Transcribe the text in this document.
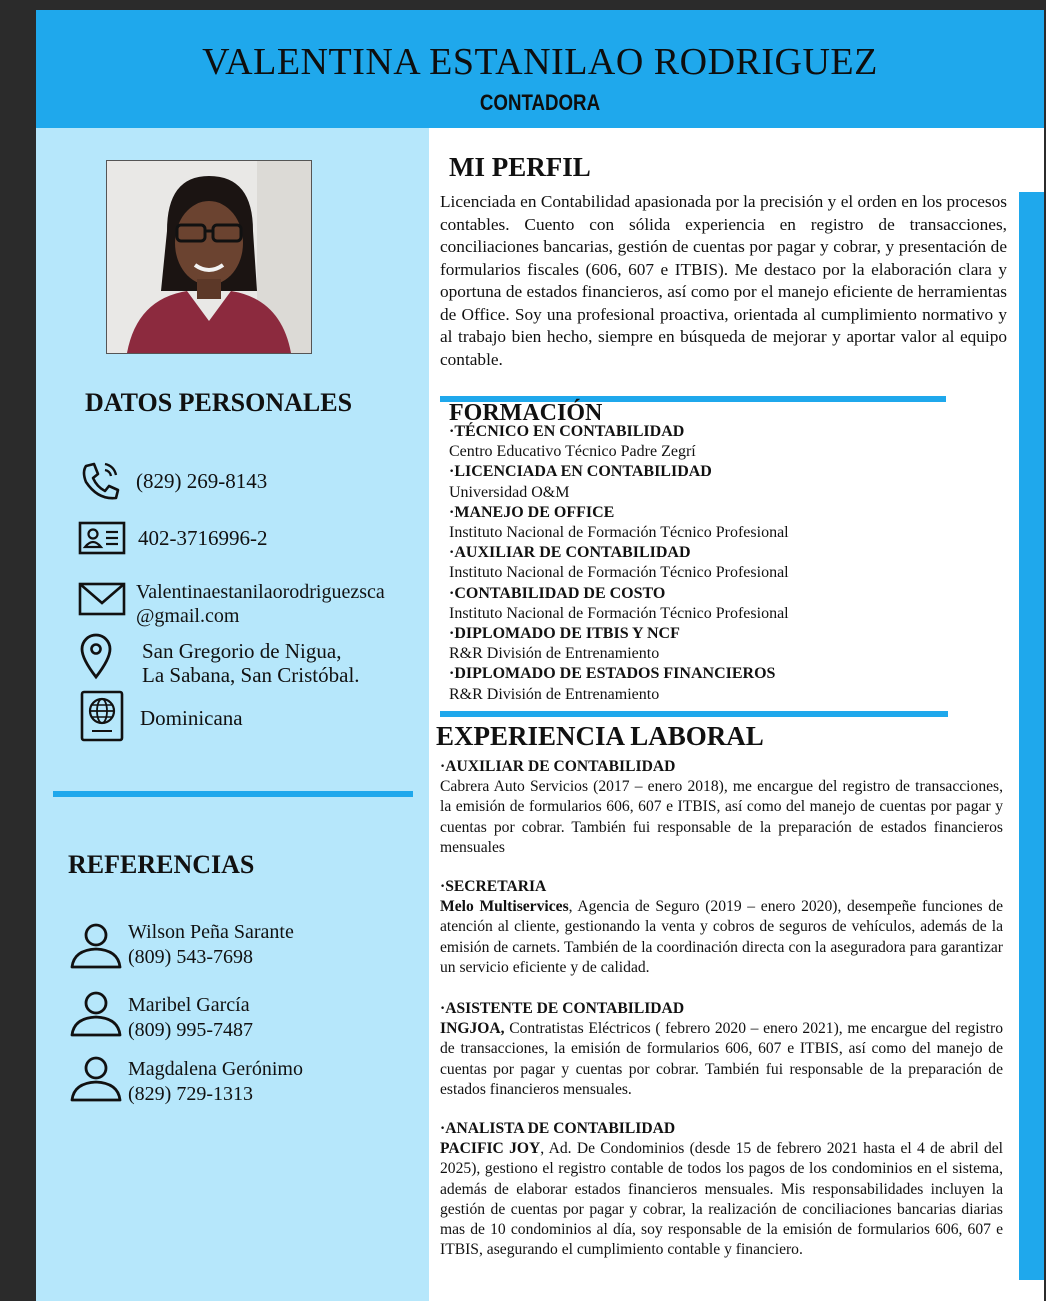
VALENTINA ESTANILAO RODRIGUEZ
CONTADORA
DATOS PERSONALES
(829) 269-8143
402-3716996-2
Valentinaestanilaorodriguezsca
@gmail.com
San Gregorio de Nigua,
La Sabana, San Cristóbal.
Dominicana
REFERENCIAS
Wilson Peña Sarante
(809) 543-7698
Maribel García
(809) 995-7487
Magdalena Gerónimo
(829) 729-1313
MI PERFIL
Licenciada en Contabilidad apasionada por la precisión y el orden en los procesos contables. Cuento con sólida experiencia en registro de transacciones, conciliaciones bancarias, gestión de cuentas por pagar y cobrar, y presentación de formularios fiscales (606, 607 e ITBIS). Me destaco por la elaboración clara y oportuna de estados financieros, así como por el manejo eficiente de herramientas de Office. Soy una profesional proactiva, orientada al cumplimiento normativo y al trabajo bien hecho, siempre en búsqueda de mejorar y aportar valor al equipo contable.
FORMACIÓN
·TÉCNICO EN CONTABILIDAD
Centro Educativo Técnico Padre Zegrí
·LICENCIADA EN CONTABILIDAD
Universidad O&M
·MANEJO DE OFFICE
Instituto Nacional de Formación Técnico Profesional
·AUXILIAR DE CONTABILIDAD
Instituto Nacional de Formación Técnico Profesional
·CONTABILIDAD DE COSTO
Instituto Nacional de Formación Técnico Profesional
·DIPLOMADO DE ITBIS Y NCF
R&R División de Entrenamiento
·DIPLOMADO DE ESTADOS FINANCIEROS
R&R División de Entrenamiento
EXPERIENCIA LABORAL
·AUXILIAR DE CONTABILIDAD
Cabrera Auto Servicios (2017 – enero 2018), me encargue del registro de transacciones, la emisión de formularios 606, 607 e ITBIS, así como del manejo de cuentas por pagar y cuentas por cobrar. También fui responsable de la preparación de estados financieros mensuales
·SECRETARIA
Melo Multiservices, Agencia de Seguro (2019 – enero 2020), desempeñe funciones de atención al cliente, gestionando la venta y cobros de seguros de vehículos, además de la emisión de carnets. También de la coordinación directa con la aseguradora para garantizar un servicio eficiente y de calidad.
·ASISTENTE DE CONTABILIDAD
INGJOA, Contratistas Eléctricos ( febrero 2020 – enero 2021), me encargue del registro de transacciones, la emisión de formularios 606, 607 e ITBIS, así como del manejo de cuentas por pagar y cuentas por cobrar. También fui responsable de la preparación de estados financieros mensuales.
·ANALISTA DE CONTABILIDAD
PACIFIC JOY, Ad. De Condominios (desde 15 de febrero 2021 hasta el 4 de abril del 2025), gestiono el registro contable de todos los pagos de los condominios en el sistema, además de elaborar estados financieros mensuales. Mis responsabilidades incluyen la gestión de cuentas por pagar y cobrar, la realización de conciliaciones bancarias diarias mas de 10 condominios al día, soy responsable de la emisión de formularios 606, 607 e ITBIS, asegurando el cumplimiento contable y financiero.
